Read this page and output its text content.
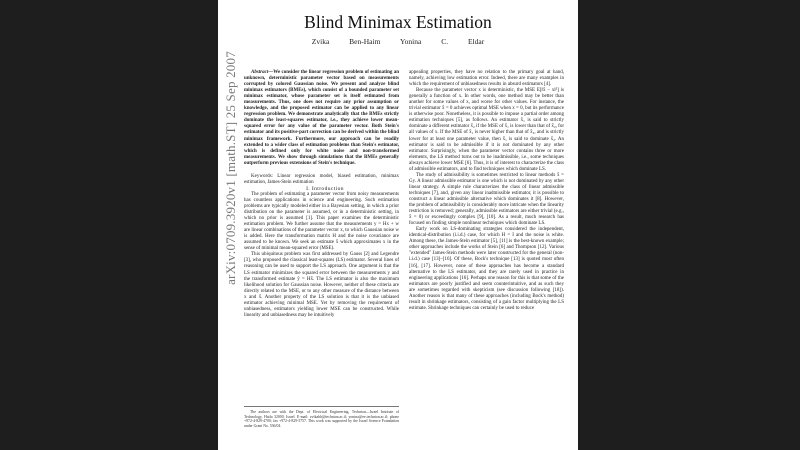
Blind Minimax Estimation
Zvika Ben-Haim Yonina C. Eldar

Abstract—We consider the linear regression problem of estimating an unknown, deterministic parameter vector based on measurements corrupted by colored Gaussian noise. We present and analyze blind minimax estimators (BMEs), which consist of a bounded parameter set minimax estimator, whose parameter set is itself estimated from measurements. Thus, one does not require any prior assumption or knowledge, and the proposed estimator can be applied to any linear regression problem. We demonstrate analytically that the BMEs strictly dominate the least-squares estimator, i.e., they achieve lower mean-squared error for any value of the parameter vector. Both Stein's estimator and its positive-part correction can be derived within the blind minimax framework. Furthermore, our approach can be readily extended to a wider class of estimation problems than Stein's estimator, which is defined only for white noise and non-transformed measurements. We show through simulations that the BMEs generally outperform previous extensions of Stein's technique.

Keywords: Linear regression model, biased estimation, minimax estimation, James-Stein estimation

I. Introduction

The problem of estimating a parameter vector from noisy measurements has countless applications in science and engineering. Such estimation problems are typically modeled either in a Bayesian setting, in which a prior distribution on the parameter is assumed, or in a deterministic setting, in which no prior is assumed [1]. This paper examines the deterministic estimation problem. We further assume that the measurements y = Hx + w are linear combinations of the parameter vector x, to which Gaussian noise w is added. Here the transformation matrix H and the noise covariance are assumed to be known. We seek an estimate x̂ which approximates x in the sense of minimal mean-squared error (MSE).

This ubiquitous problem was first addressed by Gauss [2] and Legendre [3], who proposed the classical least-squares (LS) estimator. Several lines of reasoning can be used to support the LS approach. One argument is that the LS estimator minimizes the squared error between the measurements y and the transformed estimate ŷ = Hx̂. The LS estimator is also the maximum likelihood solution for Gaussian noise. However, neither of these criteria are directly related to the MSE, or to any other measure of the distance between x and x̂. Another property of the LS solution is that it is the unbiased estimator achieving minimal MSE. Yet by removing the requirement of unbiasedness, estimators yielding lower MSE can be constructed. While linearity and unbiasedness may be intuitively

The authors are with the Dept. of Electrical Engineering, Technion—Israel Institute of Technology, Haifa 32000, Israel. E-mail: zvikabh@technion.ac.il; yonina@ee.technion.ac.il; phone +972-4-829-4700; fax +972-4-829-5757. This work was supported by the Israel Science Foundation under Grant No. 536/04.

appealing properties, they have no relation to the primary goal at hand, namely, achieving low estimation error. Indeed, there are many examples in which the requirement of unbiasedness results in absurd estimators [4].

Because the parameter vector x is deterministic, the MSE E[‖x̂ − x‖²] is generally a function of x. In other words, one method may be better than another for some values of x, and worse for other values. For instance, the trivial estimator x̂ = 0 achieves optimal MSE when x = 0, but its performance is otherwise poor. Nonetheless, it is possible to impose a partial order among estimation techniques [5], as follows. An estimator x̂₁ is said to strictly dominate a different estimator x̂₂ if the MSE of x̂₁ is lower than that of x̂₂, for all values of x. If the MSE of x̂₁ is never higher than that of x̂₂, and is strictly lower for at least one parameter value, then x̂₁ is said to dominate x̂₂. An estimator is said to be admissible if it is not dominated by any other estimator. Surprisingly, when the parameter vector contains three or more elements, the LS method turns out to be inadmissible, i.e., some techniques always achieve lower MSE [6]. Thus, it is of interest to characterize the class of admissible estimators, and to find techniques which dominate LS.

The study of admissibility is sometimes restricted to linear methods x̂ = Gy. A linear admissible estimator is one which is not dominated by any other linear strategy. A simple rule characterizes the class of linear admissible techniques [7], and, given any linear inadmissible estimator, it is possible to construct a linear admissible alternative which dominates it [8]. However, the problem of admissibility is considerably more intricate when the linearity restriction is removed; generally, admissible estimators are either trivial (e.g., x̂ = 0) or exceedingly complex [9], [10]. As a result, much research has focused on finding simple nonlinear techniques which dominate LS.

Early work on LS-dominating strategies considered the independent, identical-distribution (i.i.d.) case, for which H = I and the noise is white. Among these, the James-Stein estimator [5], [11] is the best-known example; other approaches include the works of Stein [6] and Thompson [12]. Various "extended" James-Stein methods were later constructed for the general (non-i.i.d.) case [13]–[16]. Of these, Bock's technique [13] is quoted most often [16], [17]. However, none of these approaches has become a standard alternative to the LS estimator, and they are rarely used in practice in engineering applications [16]. Perhaps one reason for this is that some of the estimators are poorly justified and seem counterintuitive, and as such they are sometimes regarded with skepticism (see discussion following [18]). Another reason is that many of these approaches (including Bock's method) result in shrinkage estimators, consisting of a gain factor multiplying the LS estimate. Shrinkage techniques can certainly be used to reduce

arXiv:0709.3920v1 [math.ST] 25 Sep 2007
